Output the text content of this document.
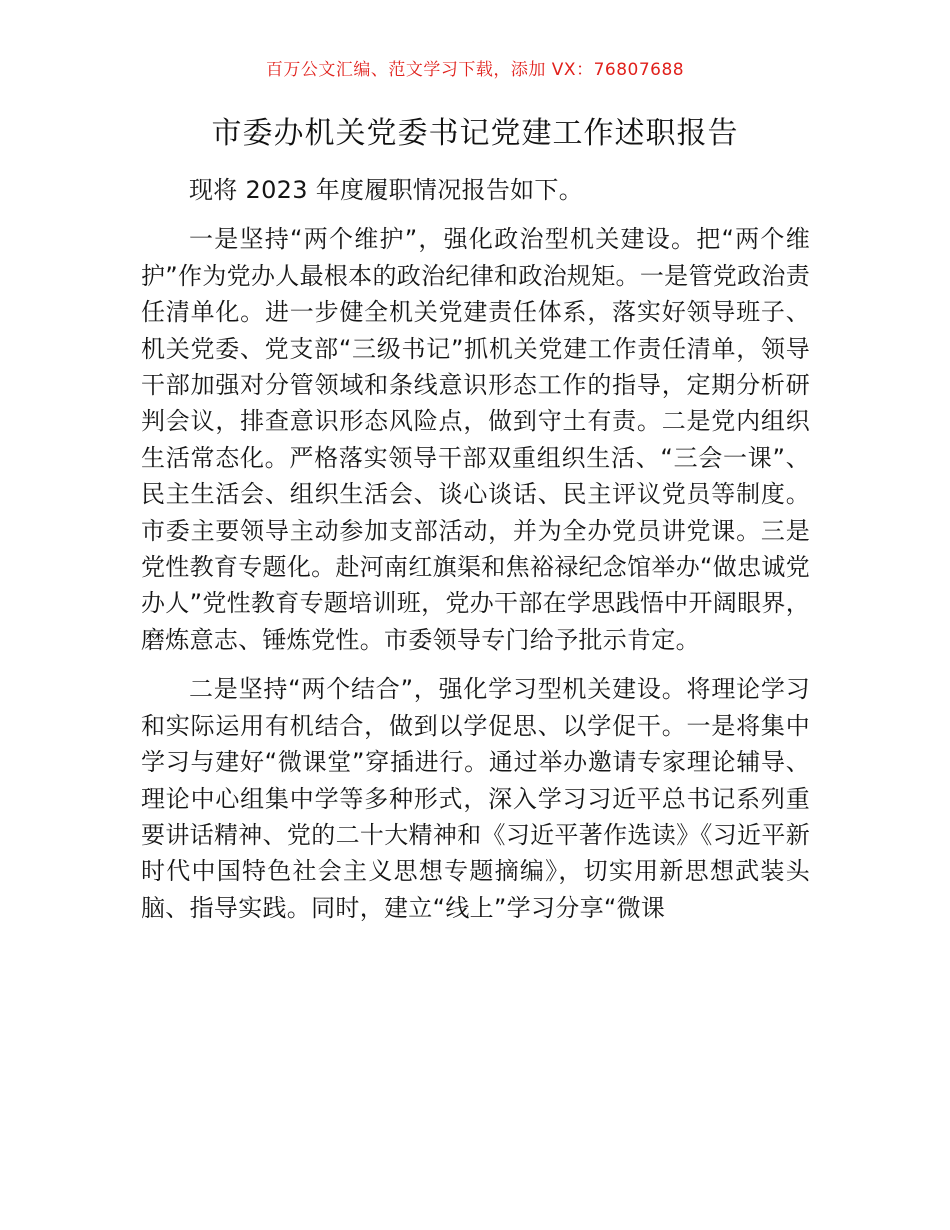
百万公文汇编、范文学习下载，添加 VX：76807688
市委办机关党委书记党建工作述职报告

现将 2023 年度履职情况报告如下。

一是坚持“两个维护”，强化政治型机关建设。把“两个维护”作为党办人最根本的政治纪律和政治规矩。一是管党政治责任清单化。进一步健全机关党建责任体系，落实好领导班子、机关党委、党支部“三级书记”抓机关党建工作责任清单，领导干部加强对分管领域和条线意识形态工作的指导，定期分析研判会议，排查意识形态风险点，做到守土有责。二是党内组织生活常态化。严格落实领导干部双重组织生活、“三会一课”、民主生活会、组织生活会、谈心谈话、民主评议党员等制度。市委主要领导主动参加支部活动，并为全办党员讲党课。三是党性教育专题化。赴河南红旗渠和焦裕禄纪念馆举办“做忠诚党办人”党性教育专题培训班，党办干部在学思践悟中开阔眼界，磨炼意志、锤炼党性。市委领导专门给予批示肯定。

二是坚持“两个结合”，强化学习型机关建设。将理论学习和实际运用有机结合，做到以学促思、以学促干。一是将集中学习与建好“微课堂”穿插进行。通过举办邀请专家理论辅导、理论中心组集中学等多种形式，深入学习习近平总书记系列重要讲话精神、党的二十大精神和《习近平著作选读》《习近平新时代中国特色社会主义思想专题摘编》，切实用新思想武装头脑、指导实践。同时，建立“线上”学习分享“微课
